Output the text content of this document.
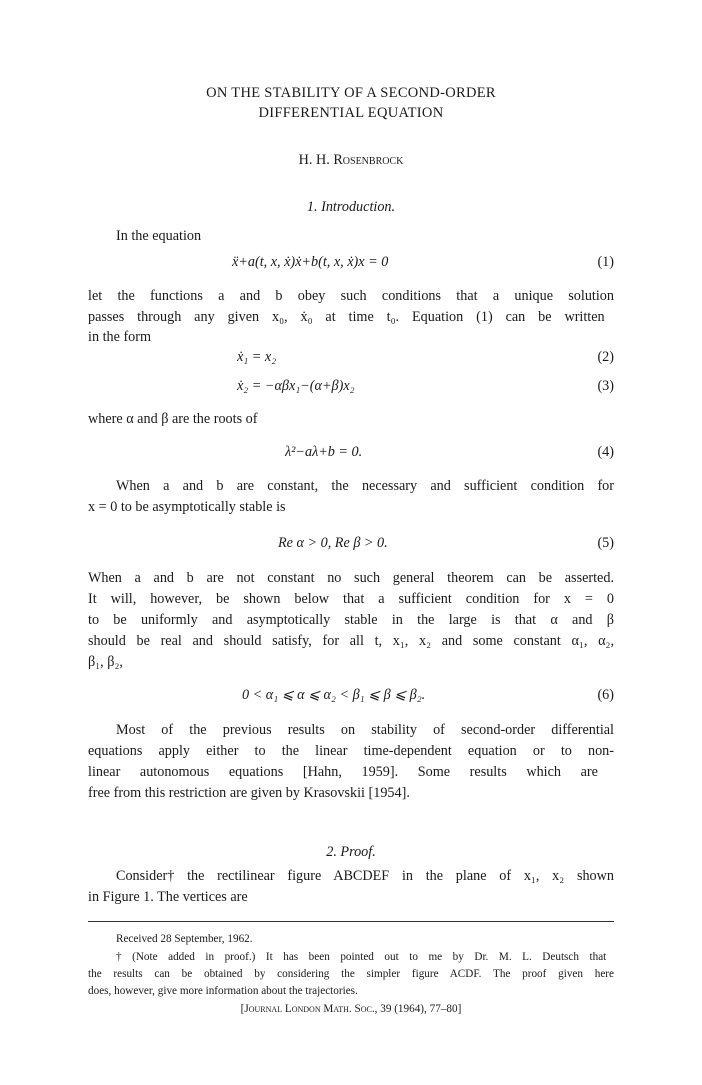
ON THE STABILITY OF A SECOND-ORDER
DIFFERENTIAL EQUATION
H. H. Rosenbrock
1. Introduction.
In the equation
ẍ+a(t, x, ẋ)ẋ+b(t, x, ẋ)x = 0	(1)
let the functions a and b obey such conditions that a unique solution
passes through any given x₀, ẋ₀ at time t₀. Equation (1) can be written
in the form
ẋ₁ = x₂	(2)
ẋ₂ = −αβx₁−(α+β)x₂	(3)
where α and β are the roots of
λ²−aλ+b = 0.	(4)
When a and b are constant, the necessary and sufficient condition for
x = 0 to be asymptotically stable is
Re α > 0, Re β > 0.	(5)
When a and b are not constant no such general theorem can be asserted.
It will, however, be shown below that a sufficient condition for x = 0
to be uniformly and asymptotically stable in the large is that α and β
should be real and should satisfy, for all t, x₁, x₂ and some constant α₁, α₂,
β₁, β₂,
0 < α₁ ⩽ α ⩽ α₂ < β₁ ⩽ β ⩽ β₂.	(6)
Most of the previous results on stability of second-order differential
equations apply either to the linear time-dependent equation or to non-
linear autonomous equations [Hahn, 1959]. Some results which are
free from this restriction are given by Krasovskii [1954].
2. Proof.
Consider† the rectilinear figure ABCDEF in the plane of x₁, x₂ shown
in Figure 1. The vertices are
Received 28 September, 1962.
† (Note added in proof.) It has been pointed out to me by Dr. M. L. Deutsch that
the results can be obtained by considering the simpler figure ACDF. The proof given here
does, however, give more information about the trajectories.
[Journal London Math. Soc., 39 (1964), 77–80]
